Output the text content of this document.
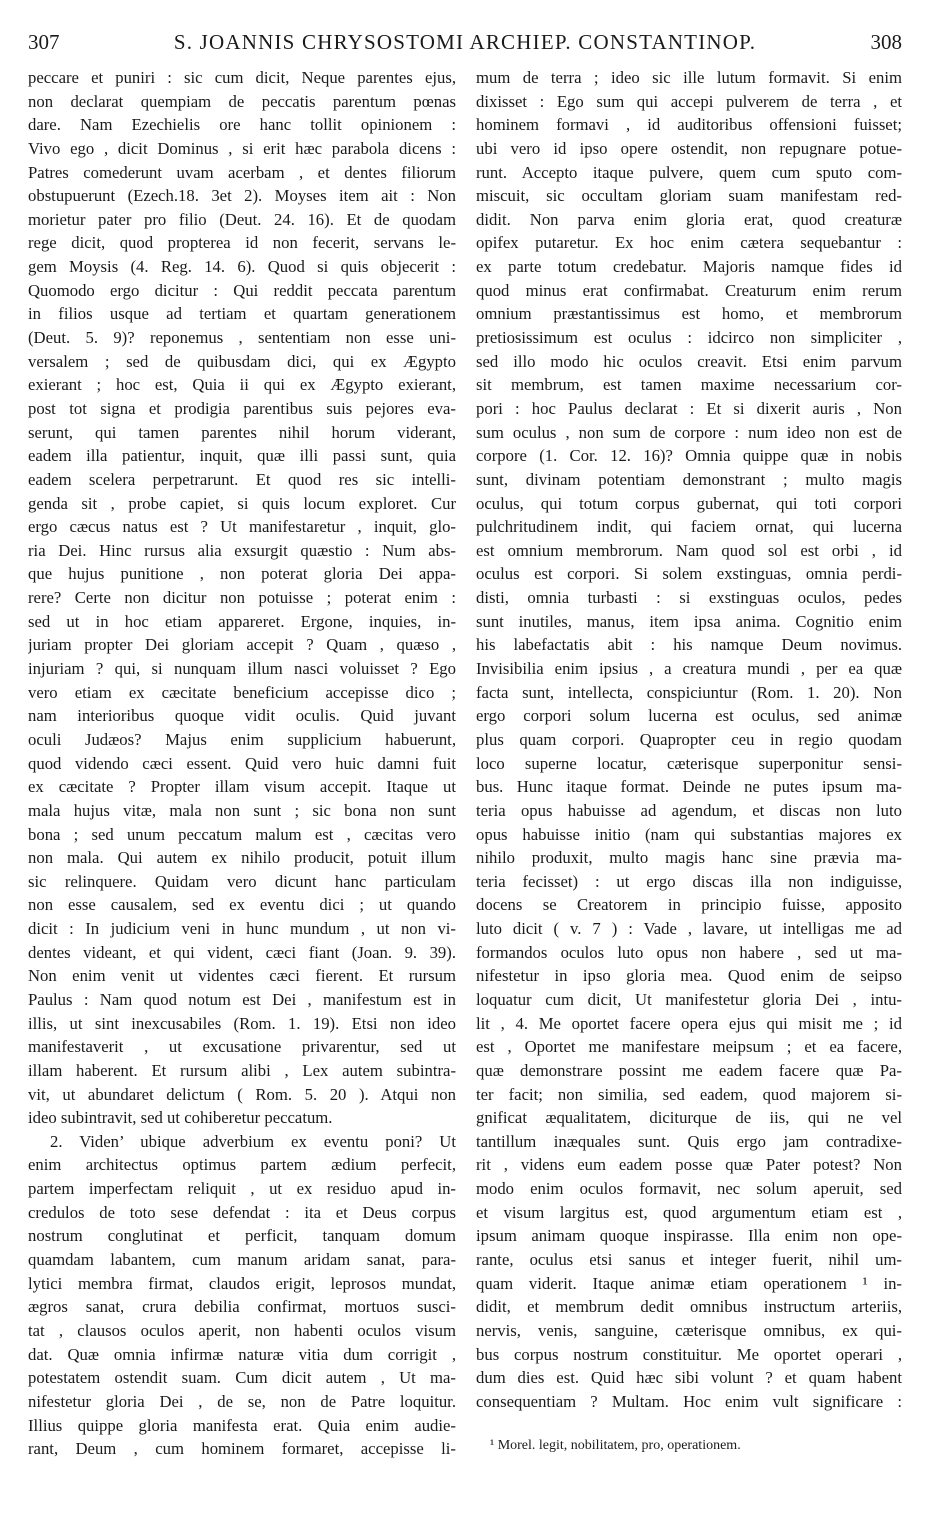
307	S. JOANNIS CHRYSOSTOMI ARCHIEP. CONSTANTINOP.	308
peccare et puniri : sic cum dicit, Neque parentes ejus,
non declarat quempiam de peccatis parentum pœnas
dare. Nam Ezechielis ore hanc tollit opinionem :
Vivo ego , dicit Dominus , si erit hæc parabola dicens :
Patres comederunt uvam acerbam , et dentes filiorum
obstupuerunt (Ezech.18. 3et 2). Moyses item ait : Non
morietur pater pro filio (Deut. 24. 16). Et de quodam
rege dicit, quod propterea id non fecerit, servans le-
gem Moysis (4. Reg. 14. 6). Quod si quis objecerit :
Quomodo ergo dicitur : Qui reddit peccata parentum
in filios usque ad tertiam et quartam generationem
(Deut. 5. 9)? reponemus , sententiam non esse uni-
versalem ; sed de quibusdam dici, qui ex Ægypto
exierant ; hoc est, Quia ii qui ex Ægypto exierant,
post tot signa et prodigia parentibus suis pejores eva-
serunt, qui tamen parentes nihil horum viderant,
eadem illa patientur, inquit, quæ illi passi sunt, quia
eadem scelera perpetrarunt. Et quod res sic intelli-
genda sit , probe capiet, si quis locum exploret. Cur
ergo cæcus natus est ? Ut manifestaretur , inquit, glo-
ria Dei. Hinc rursus alia exsurgit quæstio : Num abs-
que hujus punitione , non poterat gloria Dei appa-
rere? Certe non dicitur non potuisse ; poterat enim :
sed ut in hoc etiam appareret. Ergone, inquies, in-
juriam propter Dei gloriam accepit ? Quam , quæso ,
injuriam ? qui, si nunquam illum nasci voluisset ? Ego
vero etiam ex cæcitate beneficium accepisse dico ;
nam interioribus quoque vidit oculis. Quid juvant
oculi Judæos? Majus enim supplicium habuerunt,
quod videndo cæci essent. Quid vero huic damni fuit
ex cæcitate ? Propter illam visum accepit. Itaque ut
mala hujus vitæ, mala non sunt ; sic bona non sunt
bona ; sed unum peccatum malum est , cæcitas vero
non mala. Qui autem ex nihilo producit, potuit illum
sic relinquere. Quidam vero dicunt hanc particulam
non esse causalem, sed ex eventu dici ; ut quando
dicit : In judicium veni in hunc mundum , ut non vi-
dentes videant, et qui vident, cæci fiant (Joan. 9. 39).
Non enim venit ut videntes cæci fierent. Et rursum
Paulus : Nam quod notum est Dei , manifestum est in
illis, ut sint inexcusabiles (Rom. 1. 19). Etsi non ideo
manifestaverit , ut excusatione privarentur, sed ut
illam haberent. Et rursum alibi , Lex autem subintra-
vit, ut abundaret delictum ( Rom. 5. 20 ). Atqui non
ideo subintravit, sed ut cohiberetur peccatum.
2. Viden’ ubique adverbium ex eventu poni? Ut
enim architectus optimus partem ædium perfecit,
partem imperfectam reliquit , ut ex residuo apud in-
credulos de toto sese defendat : ita et Deus corpus
nostrum conglutinat et perficit, tanquam domum
quamdam labantem, cum manum aridam sanat, para-
lytici membra firmat, claudos erigit, leprosos mundat,
ægros sanat, crura debilia confirmat, mortuos susci-
tat , clausos oculos aperit, non habenti oculos visum
dat. Quæ omnia infirmæ naturæ vitia dum corrigit ,
potestatem ostendit suam. Cum dicit autem , Ut ma-
nifestetur gloria Dei , de se, non de Patre loquitur.
Illius quippe gloria manifesta erat. Quia enim audie-
rant, Deum , cum hominem formaret, accepisse li-
mum de terra ; ideo sic ille lutum formavit. Si enim
dixisset : Ego sum qui accepi pulverem de terra , et
hominem formavi , id auditoribus offensioni fuisset;
ubi vero id ipso opere ostendit, non repugnare potue-
runt. Accepto itaque pulvere, quem cum sputo com-
miscuit, sic occultam gloriam suam manifestam red-
didit. Non parva enim gloria erat, quod creaturæ
opifex putaretur. Ex hoc enim cætera sequebantur :
ex parte totum credebatur. Majoris namque fides id
quod minus erat confirmabat. Creaturum enim rerum
omnium præstantissimus est homo, et membrorum
pretiosissimum est oculus : idcirco non simpliciter ,
sed illo modo hic oculos creavit. Etsi enim parvum
sit membrum, est tamen maxime necessarium cor-
pori : hoc Paulus declarat : Et si dixerit auris , Non
sum oculus , non sum de corpore : num ideo non est de
corpore (1. Cor. 12. 16)? Omnia quippe quæ in nobis
sunt, divinam potentiam demonstrant ; multo magis
oculus, qui totum corpus gubernat, qui toti corpori
pulchritudinem indit, qui faciem ornat, qui lucerna
est omnium membrorum. Nam quod sol est orbi , id
oculus est corpori. Si solem exstinguas, omnia perdi-
disti, omnia turbasti : si exstinguas oculos, pedes
sunt inutiles, manus, item ipsa anima. Cognitio enim
his labefactatis abit : his namque Deum novimus.
Invisibilia enim ipsius , a creatura mundi , per ea quæ
facta sunt, intellecta, conspiciuntur (Rom. 1. 20). Non
ergo corpori solum lucerna est oculus, sed animæ
plus quam corpori. Quapropter ceu in regio quodam
loco superne locatur, cæterisque superponitur sensi-
bus. Hunc itaque format. Deinde ne putes ipsum ma-
teria opus habuisse ad agendum, et discas non luto
opus habuisse initio (nam qui substantias majores ex
nihilo produxit, multo magis hanc sine prævia ma-
teria fecisset) : ut ergo discas illa non indiguisse,
docens se Creatorem in principio fuisse, apposito
luto dicit ( v. 7 ) : Vade , lavare, ut intelligas me ad
formandos oculos luto opus non habere , sed ut ma-
nifestetur in ipso gloria mea. Quod enim de seipso
loquatur cum dicit, Ut manifestetur gloria Dei , intu-
lit , 4. Me oportet facere opera ejus qui misit me ; id
est , Oportet me manifestare meipsum ; et ea facere,
quæ demonstrare possint me eadem facere quæ Pa-
ter facit; non similia, sed eadem, quod majorem si-
gnificat æqualitatem, diciturque de iis, qui ne vel
tantillum inæquales sunt. Quis ergo jam contradixe-
rit , videns eum eadem posse quæ Pater potest? Non
modo enim oculos formavit, nec solum aperuit, sed
et visum largitus est, quod argumentum etiam est ,
ipsum animam quoque inspirasse. Illa enim non ope-
rante, oculus etsi sanus et integer fuerit, nihil um-
quam viderit. Itaque animæ etiam operationem ¹ in-
didit, et membrum dedit omnibus instructum arteriis,
nervis, venis, sanguine, cæterisque omnibus, ex qui-
bus corpus nostrum constituitur. Me oportet operari ,
dum dies est. Quid hæc sibi volunt ? et quam habent
consequentiam ? Multam. Hoc enim vult significare :
¹ Morel. legit, nobilitatem, pro, operationem.
